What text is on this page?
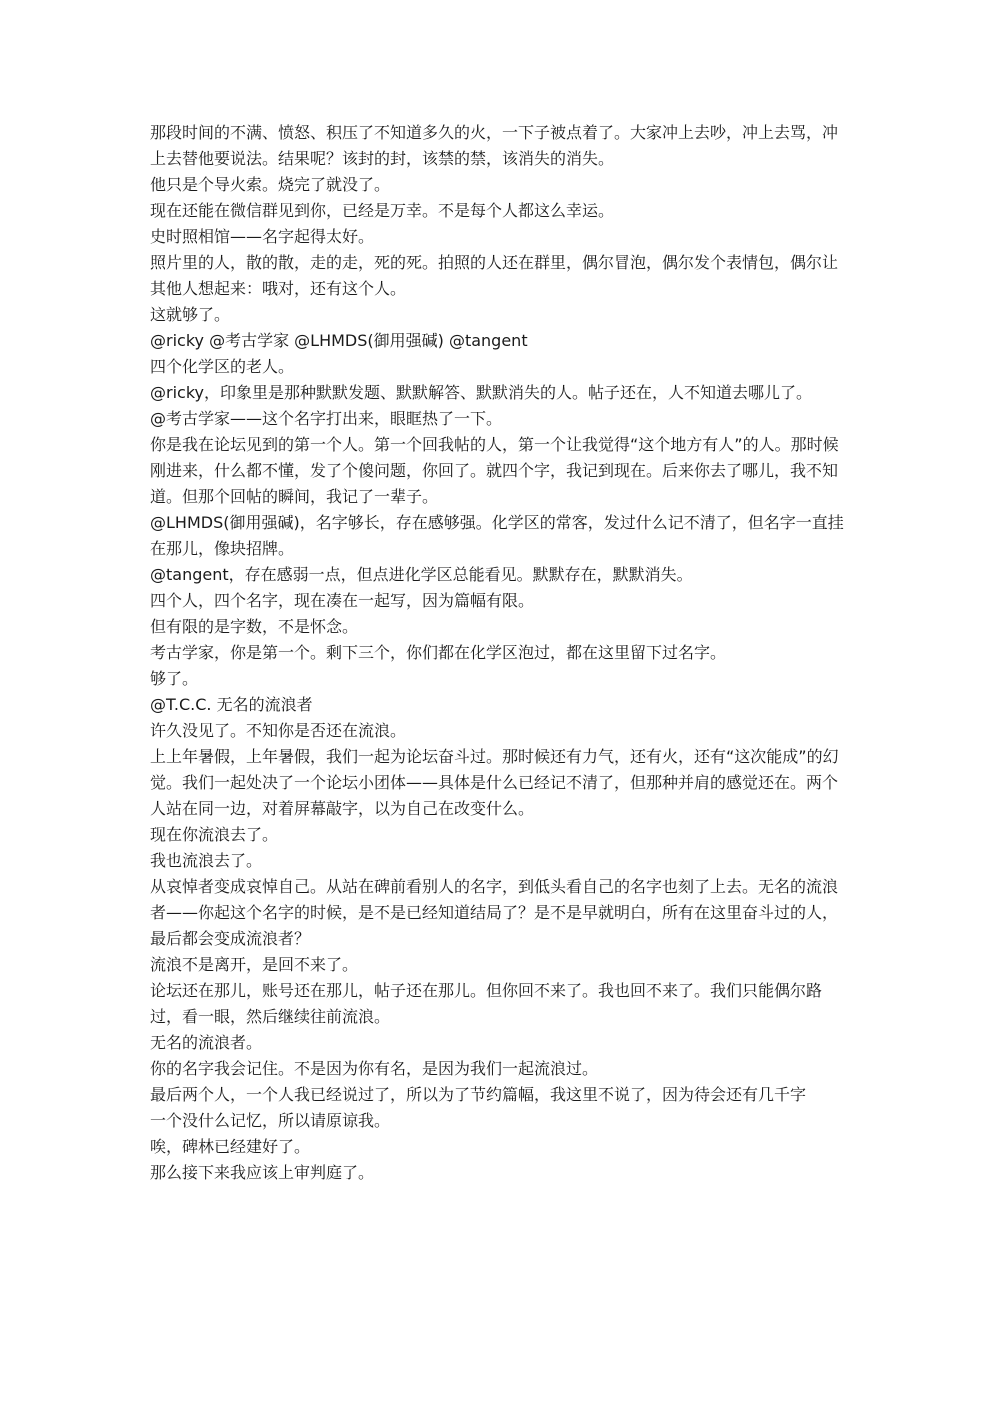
那段时间的不满、愤怒、积压了不知道多久的火，一下子被点着了。大家冲上去吵，冲上去骂，冲上去替他要说法。结果呢？该封的封，该禁的禁，该消失的消失。

他只是个导火索。烧完了就没了。

现在还能在微信群见到你，已经是万幸。不是每个人都这么幸运。

史时照相馆——名字起得太好。

照片里的人，散的散，走的走，死的死。拍照的人还在群里，偶尔冒泡，偶尔发个表情包，偶尔让其他人想起来：哦对，还有这个人。

这就够了。

@ricky @考古学家 @LHMDS(御用强碱) @tangent

四个化学区的老人。

@ricky，印象里是那种默默发题、默默解答、默默消失的人。帖子还在，人不知道去哪儿了。

@考古学家——这个名字打出来，眼眶热了一下。

你是我在论坛见到的第一个人。第一个回我帖的人，第一个让我觉得“这个地方有人”的人。那时候刚进来，什么都不懂，发了个傻问题，你回了。就四个字，我记到现在。后来你去了哪儿，我不知道。但那个回帖的瞬间，我记了一辈子。

@LHMDS(御用强碱)，名字够长，存在感够强。化学区的常客，发过什么记不清了，但名字一直挂在那儿，像块招牌。

@tangent，存在感弱一点，但点进化学区总能看见。默默存在，默默消失。

四个人，四个名字，现在凑在一起写，因为篇幅有限。

但有限的是字数，不是怀念。

考古学家，你是第一个。剩下三个，你们都在化学区泡过，都在这里留下过名字。

够了。

@T.C.C. 无名的流浪者

许久没见了。不知你是否还在流浪。

上上年暑假，上年暑假，我们一起为论坛奋斗过。那时候还有力气，还有火，还有“这次能成”的幻觉。我们一起处决了一个论坛小团体——具体是什么已经记不清了，但那种并肩的感觉还在。两个人站在同一边，对着屏幕敲字，以为自己在改变什么。

现在你流浪去了。

我也流浪去了。

从哀悼者变成哀悼自己。从站在碑前看别人的名字，到低头看自己的名字也刻了上去。无名的流浪者——你起这个名字的时候，是不是已经知道结局了？是不是早就明白，所有在这里奋斗过的人，最后都会变成流浪者？

流浪不是离开，是回不来了。

论坛还在那儿，账号还在那儿，帖子还在那儿。但你回不来了。我也回不来了。我们只能偶尔路过，看一眼，然后继续往前流浪。

无名的流浪者。

你的名字我会记住。不是因为你有名，是因为我们一起流浪过。

最后两个人，一个人我已经说过了，所以为了节约篇幅，我这里不说了，因为待会还有几千字

一个没什么记忆，所以请原谅我。

唉，碑林已经建好了。

那么接下来我应该上审判庭了。
